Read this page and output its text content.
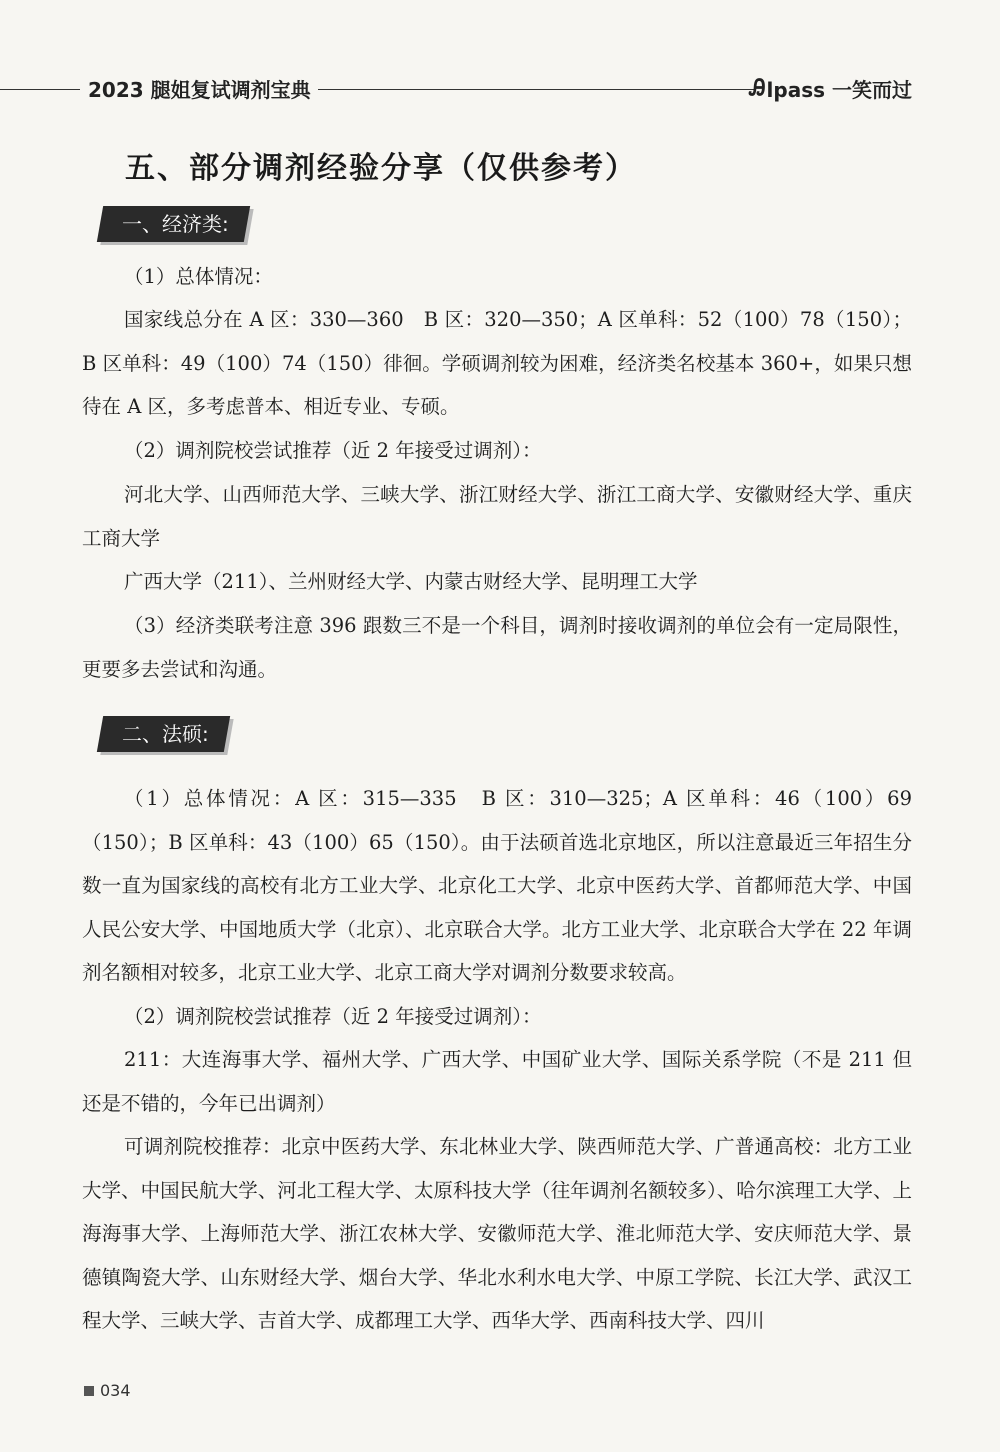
2023 腿姐复试调剂宝典	Ꭿ lpass 一笑而过
五、部分调剂经验分享（仅供参考）
一、经济类:
（1）总体情况：
国家线总分在 A 区：330—360　B 区：320—350；A 区单科：52（100）78（150）；B 区单科：49（100）74（150）徘徊。学硕调剂较为困难，经济类名校基本 360+，如果只想待在 A 区，多考虑普本、相近专业、专硕。
（2）调剂院校尝试推荐（近 2 年接受过调剂）：
河北大学、山西师范大学、三峡大学、浙江财经大学、浙江工商大学、安徽财经大学、重庆工商大学
广西大学（211）、兰州财经大学、内蒙古财经大学、昆明理工大学
（3）经济类联考注意 396 跟数三不是一个科目，调剂时接收调剂的单位会有一定局限性，更要多去尝试和沟通。
二、法硕:
（1）总体情况：A 区：315—335　B 区：310—325；A 区单科：46（100）69（150）；B 区单科：43（100）65（150）。由于法硕首选北京地区，所以注意最近三年招生分数一直为国家线的高校有北方工业大学、北京化工大学、北京中医药大学、首都师范大学、中国人民公安大学、中国地质大学（北京）、北京联合大学。北方工业大学、北京联合大学在 22 年调剂名额相对较多，北京工业大学、北京工商大学对调剂分数要求较高。
（2）调剂院校尝试推荐（近 2 年接受过调剂）：
211：大连海事大学、福州大学、广西大学、中国矿业大学、国际关系学院（不是 211 但还是不错的，今年已出调剂）
可调剂院校推荐：北京中医药大学、东北林业大学、陕西师范大学、广普通高校：北方工业大学、中国民航大学、河北工程大学、太原科技大学（往年调剂名额较多）、哈尔滨理工大学、上海海事大学、上海师范大学、浙江农林大学、安徽师范大学、淮北师范大学、安庆师范大学、景德镇陶瓷大学、山东财经大学、烟台大学、华北水利水电大学、中原工学院、长江大学、武汉工程大学、三峡大学、吉首大学、成都理工大学、西华大学、西南科技大学、四川
034
